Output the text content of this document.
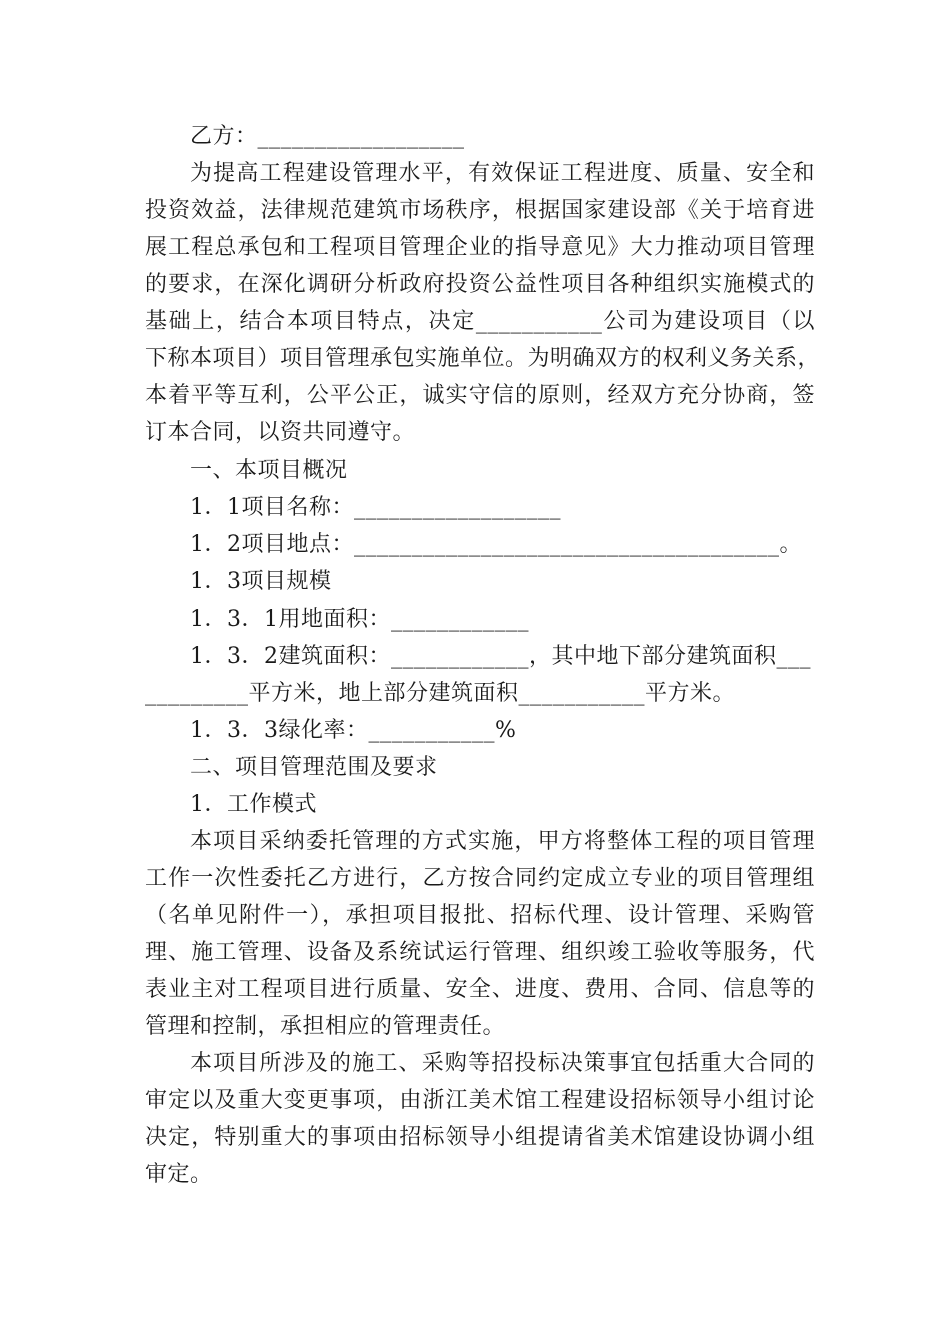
乙方：__________________
为提高工程建设管理水平，有效保证工程进度、质量、安全和
投资效益，法律规范建筑市场秩序，根据国家建设部《关于培育进
展工程总承包和工程项目管理企业的指导意见》大力推动项目管理
的要求，在深化调研分析政府投资公益性项目各种组织实施模式的
基础上，结合本项目特点，决定___________公司为建设项目（以
下称本项目）项目管理承包实施单位。为明确双方的权利义务关系，
本着平等互利，公平公正，诚实守信的原则，经双方充分协商，签
订本合同，以资共同遵守。
一、本项目概况
1．1项目名称：__________________
1．2项目地点：_____________________________________。
1．3项目规模
1．3．1用地面积：____________
1．3．2建筑面积：____________，其中地下部分建筑面积___
_________平方米，地上部分建筑面积___________平方米。
1．3．3绿化率：___________%
二、项目管理范围及要求
1．工作模式
本项目采纳委托管理的方式实施，甲方将整体工程的项目管理
工作一次性委托乙方进行，乙方按合同约定成立专业的项目管理组
（名单见附件一），承担项目报批、招标代理、设计管理、采购管
理、施工管理、设备及系统试运行管理、组织竣工验收等服务，代
表业主对工程项目进行质量、安全、进度、费用、合同、信息等的
管理和控制，承担相应的管理责任。
本项目所涉及的施工、采购等招投标决策事宜包括重大合同的
审定以及重大变更事项，由浙江美术馆工程建设招标领导小组讨论
决定，特别重大的事项由招标领导小组提请省美术馆建设协调小组
审定。
